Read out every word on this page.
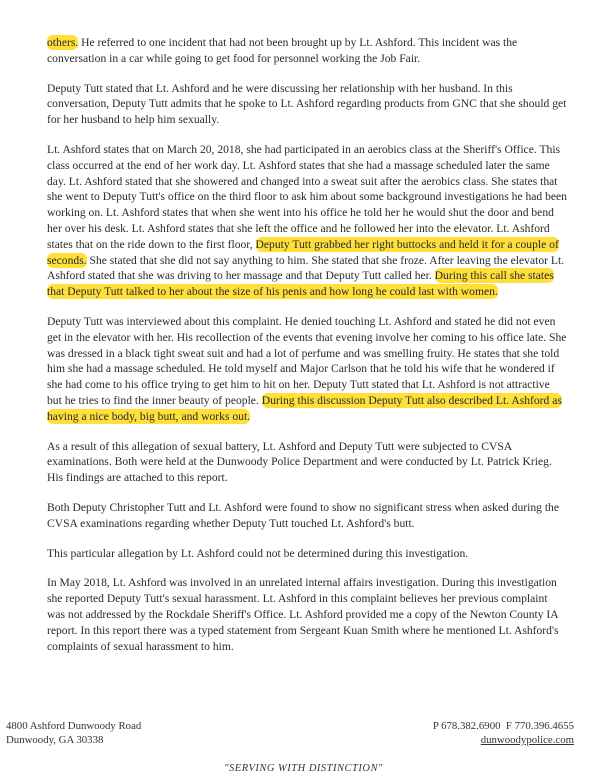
others. He referred to one incident that had not been brought up by Lt. Ashford. This incident was the conversation in a car while going to get food for personnel working the Job Fair.

Deputy Tutt stated that Lt. Ashford and he were discussing her relationship with her husband. In this conversation, Deputy Tutt admits that he spoke to Lt. Ashford regarding products from GNC that she should get for her husband to help him sexually.

Lt. Ashford states that on March 20, 2018, she had participated in an aerobics class at the Sheriff's Office. This class occurred at the end of her work day. Lt. Ashford states that she had a massage scheduled later the same day. Lt. Ashford stated that she showered and changed into a sweat suit after the aerobics class. She states that she went to Deputy Tutt's office on the third floor to ask him about some background investigations he had been working on. Lt. Ashford states that when she went into his office he told her he would shut the door and bend her over his desk. Lt. Ashford states that she left the office and he followed her into the elevator. Lt. Ashford states that on the ride down to the first floor, Deputy Tutt grabbed her right buttocks and held it for a couple of seconds. She stated that she did not say anything to him. She stated that she froze. After leaving the elevator Lt. Ashford stated that she was driving to her massage and that Deputy Tutt called her. During this call she states that Deputy Tutt talked to her about the size of his penis and how long he could last with women.

Deputy Tutt was interviewed about this complaint. He denied touching Lt. Ashford and stated he did not even get in the elevator with her. His recollection of the events that evening involve her coming to his office late. She was dressed in a black tight sweat suit and had a lot of perfume and was smelling fruity. He states that she told him she had a massage scheduled. He told myself and Major Carlson that he told his wife that he wondered if she had come to his office trying to get him to hit on her. Deputy Tutt stated that Lt. Ashford is not attractive but he tries to find the inner beauty of people. During this discussion Deputy Tutt also described Lt. Ashford as having a nice body, big butt, and works out.

As a result of this allegation of sexual battery, Lt. Ashford and Deputy Tutt were subjected to CVSA examinations. Both were held at the Dunwoody Police Department and were conducted by Lt. Patrick Krieg. His findings are attached to this report.

Both Deputy Christopher Tutt and Lt. Ashford were found to show no significant stress when asked during the CVSA examinations regarding whether Deputy Tutt touched Lt. Ashford's butt.

This particular allegation by Lt. Ashford could not be determined during this investigation.

In May 2018, Lt. Ashford was involved in an unrelated internal affairs investigation. During this investigation she reported Deputy Tutt's sexual harassment. Lt. Ashford in this complaint believes her previous complaint was not addressed by the Rockdale Sheriff's Office. Lt. Ashford provided me a copy of the Newton County IA report. In this report there was a typed statement from Sergeant Kuan Smith where he mentioned Lt. Ashford's complaints of sexual harassment to him.

4800 Ashford Dunwoody Road
Dunwoody, GA 30338
P 678.382.6900 F 770.396.4655
dunwoodypolice.com
"SERVING WITH DISTINCTION"
